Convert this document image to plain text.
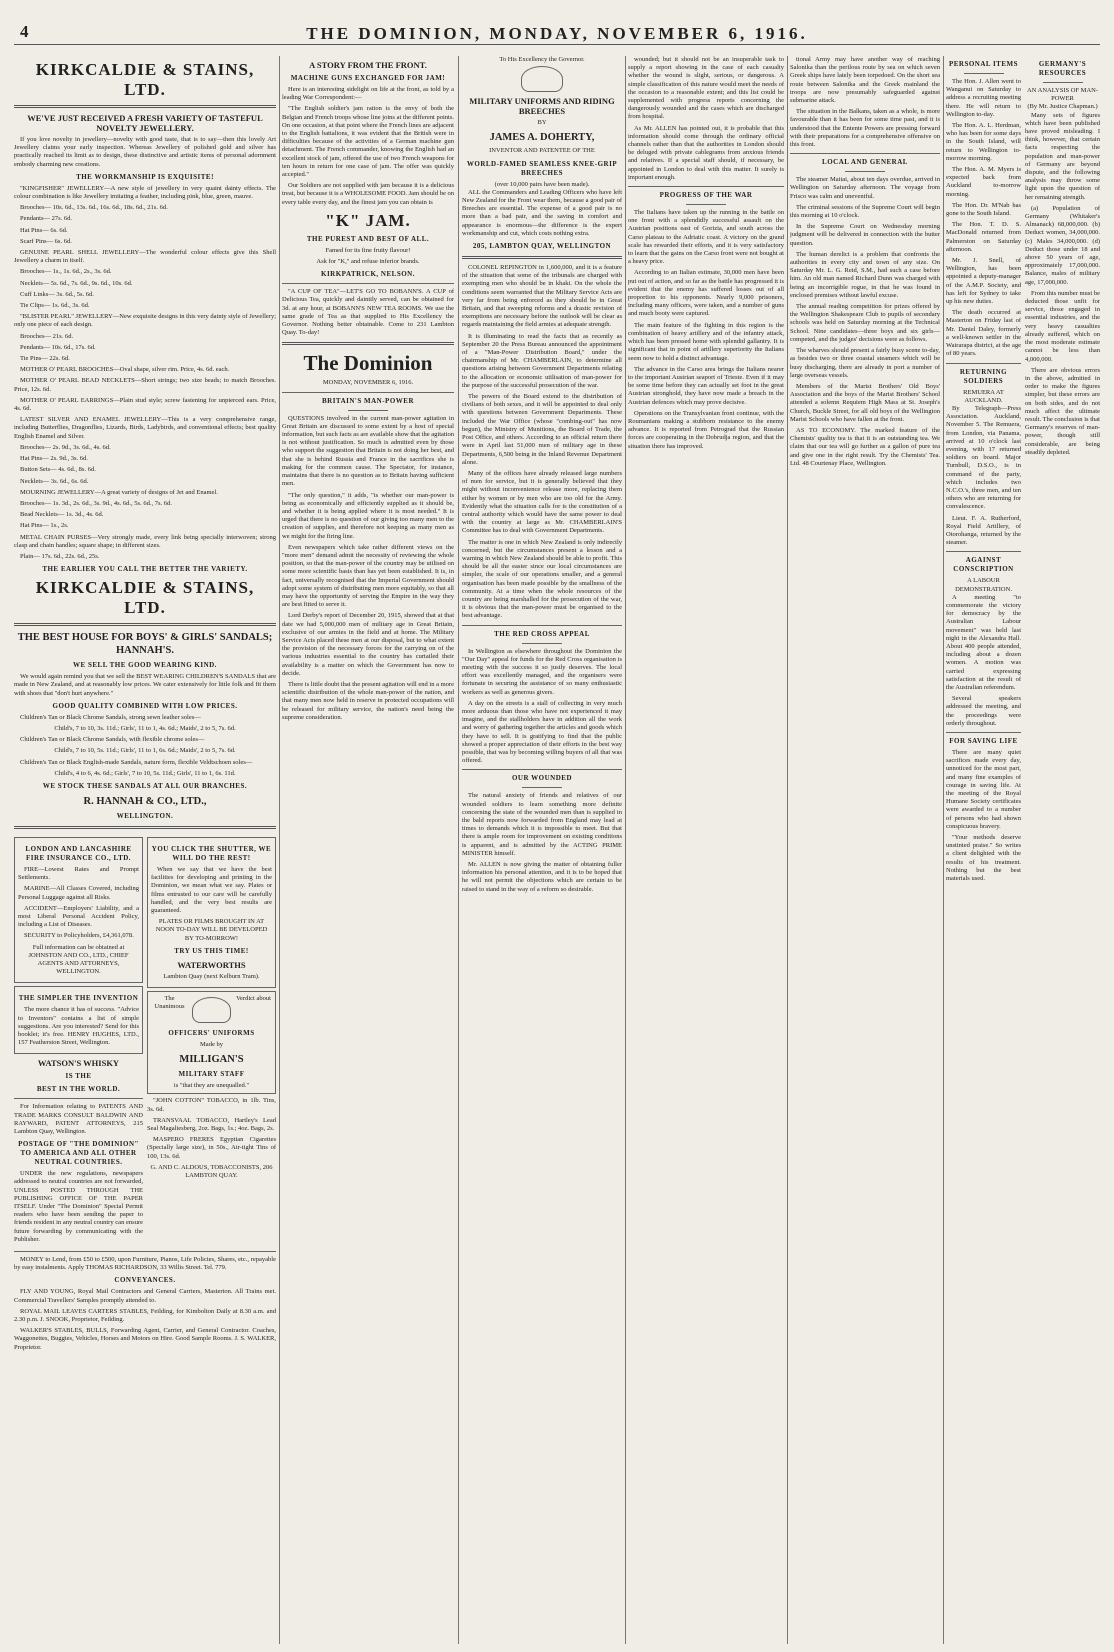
4	THE DOMINION, MONDAY, NOVEMBER 6, 1916.
KIRKCALDIE & STAINS, LTD.
WE'VE JUST RECEIVED A FRESH VARIETY OF TASTEFUL NOVELTY JEWELLERY.

If you love novelty in jewellery—novelty with good taste, that is to say—then this lovely Art Jewellery claims your early inspection. Whereas Jewellery of polished gold and silver has practically reached its limit as to design, these distinctive and artistic items of personal adornment embody charming new creations.

THE WORKMANSHIP IS EXQUISITE!

"KINGFISHER" JEWELLERY—A new style of jewellery in very quaint dainty effects. The colour combination is like Jewellery imitating a feather, including pink, blue, green, mauve.

Brooches— 10s. 6d., 13s. 6d., 16s. 6d., 18s. 6d., 21s. 6d.

Pendants— 27s. 6d.

Hat Pins— 6s. 6d.

Scarf Pins— 6s. 6d.

GENUINE PEARL SHELL JEWELLERY—The wonderful colour effects give this Shell Jewellery a charm in itself.

Brooches— 1s., 1s. 6d., 2s., 3s. 6d.

Necklets— 5s. 6d., 7s. 6d., 9s. 6d., 10s. 6d.

Cuff Links— 3s. 6d., 5s. 6d.

Tie Clips— 1s. 6d., 3s. 6d.

"BLISTER PEARL" JEWELLERY—New exquisite designs in this very dainty style of Jewellery; only one piece of each design.

Brooches— 21s. 6d.

Pendants— 10s. 6d., 17s. 6d.

Tie Pins— 22s. 6d.

MOTHER O' PEARL BROOCHES—Oval shape, silver rim. Price, 4s. 6d. each.

MOTHER O' PEARL BEAD NECKLETS—Short strings; two size beads; to match Brooches. Price, 12s. 6d.

MOTHER O' PEARL EARRINGS—Plain stud style; screw fastening for unpierced ears. Price, 4s. 6d.

LATEST SILVER AND ENAMEL JEWELLERY—This is a very comprehensive range, including Butterflies, Dragonflies, Lizards, Birds, Ladybirds, and conventional effects; best quality English Enamel and Silver.

Brooches— 2s. 9d., 3s. 6d., 4s. 6d.

Hat Pins— 2s. 9d., 3s. 6d.

Button Sets— 4s. 6d., 8s. 6d.

Necklets— 3s. 6d., 6s. 6d.

MOURNING JEWELLERY—A great variety of designs of Jet and Enamel.

Brooches— 1s. 3d., 2s. 6d., 3s. 9d., 4s. 6d., 5s. 6d., 7s. 6d.

Bead Necklets— 1s. 3d., 4s. 6d.

Hat Pins— 1s., 2s.

METAL CHAIN PURSES—Very strongly made, every link being specially interwoven; strong clasp and chain handles; square shape; in different sizes.

Plain— 17s. 6d., 22s. 6d., 25s.

THE EARLIER YOU CALL THE BETTER THE VARIETY.
KIRKCALDIE & STAINS, LTD.
THE BEST HOUSE FOR BOYS' & GIRLS' SANDALS; HANNAH'S.
WE SELL THE GOOD WEARING KIND.

We would again remind you that we sell the BEST WEARING CHILDREN'S SANDALS that are made in New Zealand, and at reasonably low prices. We cater extensively for little folk and fit them with shoes that "don't hurt anywhere."

GOOD QUALITY COMBINED WITH LOW PRICES.

Children's Tan or Black Chrome Sandals, strong sewn leather soles—

Child's, 7 to 10, 3s. 11d.; Girls', 11 to 1, 4s. 6d.; Maids', 2 to 5, 7s. 6d.

Children's Tan or Black Chrome Sandals, with flexible chrome soles—

Child's, 7 to 10, 5s. 11d.; Girls', 11 to 1, 6s. 6d.; Maids', 2 to 5, 7s. 6d.

Children's Tan or Black English-made Sandals, nature form, flexible Veldtschoen soles—

Child's, 4 to 6, 4s. 6d.; Girls', 7 to 10, 5s. 11d.; Girls', 11 to 1, 6s. 11d.

WE STOCK THESE SANDALS AT ALL OUR BRANCHES.
R. HANNAH & CO., LTD.,
WELLINGTON.
LONDON AND LANCASHIRE FIRE INSURANCE CO., LTD.

FIRE—Lowest Rates and Prompt Settlements.

MARINE—All Classes Covered, including Personal Luggage against all Risks.

ACCIDENT—Employers' Liability, and a most Liberal Personal Accident Policy, including a List of Diseases.

SECURITY to Policyholders, £4,361,078.

Full information can be obtained at JOHNSTON AND CO., LTD., CHIEF AGENTS AND ATTORNEYS, WELLINGTON.

THE SIMPLER THE INVENTION

The more chance it has of success. "Advice to Inventors" contains a list of simple suggestions. Are you interested? Send for this booklet; it's free. HENRY HUGHES, LTD., 157 Featherston Street, Wellington.

WATSON'S WHISKY
IS THE
BEST IN THE WORLD.

For Information relating to PATENTS AND TRADE MARKS CONSULT BALDWIN AND RAYWARD, PATENT ATTORNEYS, 215 Lambton Quay, Wellington.

POSTAGE OF "THE DOMINION" TO AMERICA AND ALL OTHER NEUTRAL COUNTRIES.

UNDER the new regulations, newspapers addressed to neutral countries are not forwarded, UNLESS POSTED THROUGH THE PUBLISHING OFFICE OF THE PAPER ITSELF. Under "The Dominion" Special Permit readers who have been sending the paper to friends resident in any neutral country can ensure future forwarding by communicating with the Publisher.

YOU CLICK THE SHUTTER, WE WILL DO THE REST!

When we say that we have the best facilities for developing and printing in the Dominion, we mean what we say. Plates or films entrusted to our care will be carefully handled, and the very best results are guaranteed.

PLATES OR FILMS BROUGHT IN AT NOON TO-DAY WILL BE DEVELOPED BY TO-MORROW!

TRY US THIS TIME!
WATERWORTHS

Lambton Quay (next Kelburn Tram).

The Unanimous
Verdict about
OFFICERS' UNIFORMS
Made by
MILLIGAN'S
MILITARY STAFF
is "that they are unequalled."

"JOHN COTTON" TOBACCO, in 1lb. Tins, 3s. 6d.

TRANSVAAL TOBACCO, Hartley's Lead Seal Magaliesberg, 2oz. Bags, 1s.; 4oz. Bags, 2s.

MASPERO FRERES Egyptian Cigarettes (Specially large size), in 50s., Air-tight Tins of 100, 13s. 6d.

G. AND C. ALDOUS, TOBACCONISTS, 206 LAMBTON QUAY.

MONEY to Lend, from £50 to £500, upon Furniture, Pianos, Life Policies, Shares, etc., repayable by easy instalments. Apply THOMAS RICHARDSON, 33 Willis Street. Tel. 779.

CONVEYANCES.

FLY AND YOUNG, Royal Mail Contractors and General Carriers, Masterton. All Trains met. Commercial Travellers' Samples promptly attended to.

ROYAL MAIL LEAVES CARTERS STABLES, Feilding, for Kimbolton Daily at 8.30 a.m. and 2.30 p.m. J. SNOOK, Proprietor, Feilding.

WALKER'S STABLES, BULLS, Forwarding Agent, Carrier, and General Contractor. Coaches, Waggonettes, Buggies, Vehicles, Horses and Motors on Hire. Good Sample Rooms. J. S. WALKER, Proprietor.

A STORY FROM THE FRONT.
MACHINE GUNS EXCHANGED FOR JAM!

Here is an interesting sidelight on life at the front, as told by a leading War Correspondent:—

"The English soldier's jam ration is the envy of both the Belgian and French troops whose line joins at the different points. On one occasion, at that point where the French lines are adjacent to the English battalions, it was evident that the British were in difficulties because of the activities of a German machine gun detachment. The French commander, knowing the English had an excellent stock of jam, offered the use of two French weapons for ten hours in return for one case of jam. The offer was quickly accepted."

Our Soldiers are not supplied with jam because it is a delicious treat, but because it is a WHOLESOME FOOD. Jam should be on every table every day, and the finest jam you can obtain is

"K" JAM.
THE PUREST AND BEST OF ALL.

Famed for its fine fruity flavour!

Ask for "K," and refuse inferior brands.

KIRKPATRICK, NELSON.

"A CUP OF TEA"—LET'S GO TO BOBANN'S. A CUP of Delicious Tea, quickly and daintily served, can be obtained for 3d. at any hour, at BOBANN'S NEW TEA ROOMS. We use the same grade of Tea as that supplied to His Excellency the Governor. Nothing better obtainable. Come to 231 Lambton Quay. To-day!

The Dominion
MONDAY, NOVEMBER 6, 1916.
BRITAIN'S MAN-POWER

QUESTIONS involved in the current man-power agitation in Great Britain are discussed to some extent by a host of special information, but such facts as are available show that the agitation is not without justification. So much is admitted even by those who support the suggestion that Britain is not doing her best, and that she is behind Russia and France in the sacrifices she is making for the common cause. The Spectator, for instance, maintains that there is no question as to Britain having sufficient men.

"The only question," it adds, "is whether our man-power is being as economically and efficiently supplied as it should be, and whether it is being applied where it is most needed." It is urged that there is no question of our giving too many men to the creation of supplies, and therefore not keeping as many men as we might for the firing line.

Even newspapers which take rather different views on the "more men" demand admit the necessity of reviewing the whole position, so that the man-power of the country may be utilised on some more scientific basis than has yet been established. It is, in fact, universally recognised that the Imperial Government should adopt some system of distributing men more equitably, so that all may have the opportunity of serving the Empire in the way they are best fitted to serve it.

Lord Derby's report of December 20, 1915, showed that at that date we had 5,000,000 men of military age in Great Britain, exclusive of our armies in the field and at home. The Military Service Acts placed these men at our disposal, but to what extent the provision of the necessary forces for the carrying on of the various industries essential to the country has curtailed their availability is a matter on which the Government has now to decide.

There is little doubt that the present agitation will end in a more scientific distribution of the whole man-power of the nation, and that many men now held in reserve in protected occupations will be released for military service, the nation's need being the supreme consideration.

To His Excellency the Governor.
MILITARY UNIFORMS AND RIDING BREECHES
BY
JAMES A. DOHERTY,
INVENTOR AND PATENTEE OF THE
WORLD-FAMED SEAMLESS KNEE-GRIP BREECHES
(over 10,000 pairs have been made).

ALL the Commanders and Leading Officers who have left New Zealand for the Front wear them, because a good pair of Breeches are essential. The expense of a good pair is no more than a bad pair, and the saving in comfort and appearance is enormous—the difference is the expert workmanship and cut, which costs nothing extra.

205, LAMBTON QUAY, WELLINGTON

COLONEL REPINGTON in 1,600,000, and it is a feature of the situation that some of the tribunals are charged with exempting men who should be in khaki. On the whole the conditions seem warranted that the Military Service Acts are very far from being enforced as they should be in Great Britain, and that sweeping reforms and a drastic revision of exemptions are necessary before the outlook will be clear as regards maintaining the field armies at adequate strength.

It is illuminating to read the facts that as recently as September 20 the Press Bureau announced the appointment of a "Man-Power Distribution Board," under the chairmanship of Mr. CHAMBERLAIN, to determine all questions arising between Government Departments relating to the allocation or economic utilisation of man-power for the purpose of the successful prosecution of the war.

The powers of the Board extend to the distribution of civilians of both sexes, and it will be appointed to deal only with questions between Government Departments. These included the War Office (whose "combing-out" has now begun), the Ministry of Munitions, the Board of Trade, the Post Office, and others. According to an official return there were in April last 51,000 men of military age in these Departments, 6,500 being in the Inland Revenue Department alone.

Many of the offices have already released large numbers of men for service, but it is generally believed that they might without inconvenience release more, replacing them either by women or by men who are too old for the Army. Evidently what the situation calls for is the constitution of a central authority which would have the same power to deal with the country at large as Mr. CHAMBERLAIN'S Committee has to deal with Government Departments.

The matter is one in which New Zealand is only indirectly concerned, but the circumstances present a lesson and a warning in which New Zealand should be able to profit. This should be all the easier since our local circumstances are simpler, the scale of our operations smaller, and a general organisation has been made possible by the smallness of the community. At a time when the whole resources of the country are being marshalled for the prosecution of the war, it is obvious that the man-power must be organised to the best advantage.

THE RED CROSS APPEAL

In Wellington as elsewhere throughout the Dominion the "Our Day" appeal for funds for the Red Cross organisation is meeting with the success it so justly deserves. The local effort was excellently managed, and the organisers were fortunate in securing the assistance of so many enthusiastic workers as well as generous givers.

A day on the streets is a stall of collecting in very much more arduous than those who have not experienced it may imagine, and the stallholders have in addition all the work and worry of gathering together the articles and goods which they have to sell. It is gratifying to find that the public showed a proper appreciation of their efforts in the best way possible, that was by becoming willing buyers of all that was offered.

OUR WOUNDED

The natural anxiety of friends and relatives of our wounded soldiers to learn something more definite concerning the state of the wounded men than is supplied in the bald reports now forwarded from England may lead at times to demands which it is impossible to meet. But that there is ample room for improvement on existing conditions is apparent, and is admitted by the ACTING PRIME MINISTER himself.

Mr. ALLEN is now giving the matter of obtaining fuller information his personal attention, and it is to be hoped that he will not permit the objections which are certain to be raised to stand in the way of a reform so desirable.

wounded; but it should not be an insuperable task to supply a report showing in the case of each casualty whether the wound is slight, serious, or dangerous. A simple classification of this nature would meet the needs of the occasion to a reasonable extent; and this list could be supplemented with progress reports concerning the dangerously wounded and the cases which are discharged from hospital.

As Mr. ALLEN has pointed out, it is probable that this information should come through the ordinary official channels rather than that the authorities in London should be deluged with private cablegrams from anxious friends and relatives. If a special staff should, if necessary, be appointed in London to deal with this matter. It surely is important enough.

PROGRESS OF THE WAR

The Italians have taken up the running in the battle on one front with a splendidly successful assault on the Austrian positions east of Gorizia, and south across the Carso plateau to the Adriatic coast. A victory on the grand scale has rewarded their efforts, and it is very satisfactory to learn that the gains on the Carso front were not bought at a heavy price.

According to an Italian estimate, 30,000 men have been put out of action, and so far as the battle has progressed it is evident that the enemy has suffered losses out of all proportion to his opponents. Nearly 9,000 prisoners, including many officers, were taken, and a number of guns and much booty were captured.

The main feature of the fighting in this region is the combination of heavy artillery and of the infantry attack, which has been pressed home with splendid gallantry. It is significant that in point of artillery superiority the Italians seem now to hold a distinct advantage.

The advance in the Carso area brings the Italians nearer to the important Austrian seaport of Trieste. Even if it may be some time before they can actually set foot in the great Austrian stronghold, they have now made a breach in the Austrian defences which may prove decisive.

Operations on the Transylvanian front continue, with the Roumanians making a stubborn resistance to the enemy advance. It is reported from Petrograd that the Russian forces are cooperating in the Dobrudja region, and that the situation there has improved.

tional Army may have another way of reaching Salonika than the perilous route by sea on which seven Greek ships have lately been torpedoed. On the short sea route between Salonika and the Greek mainland the troops are now presumably safeguarded against submarine attack.

The situation in the Balkans, taken as a whole, is more favourable than it has been for some time past, and it is understood that the Entente Powers are pressing forward with their preparations for a comprehensive offensive on this front.

LOCAL AND GENERAL

The steamer Maitai, about ten days overdue, arrived in Wellington on Saturday afternoon. The voyage from Frisco was calm and uneventful.

The criminal sessions of the Supreme Court will begin this morning at 10 o'clock.

In the Supreme Court on Wednesday morning judgment will be delivered in connection with the butter question.

The human derelict is a problem that confronts the authorities in every city and town of any size. On Saturday Mr. L. G. Reid, S.M., had such a case before him. An old man named Richard Dunn was charged with being an incorrigible rogue, in that he was found in enclosed premises without lawful excuse.

The annual reading competition for prizes offered by the Wellington Shakespeare Club to pupils of secondary schools was held on Saturday morning at the Technical School. Nine candidates—three boys and six girls—competed, and the judges' decisions were as follows.

The wharves should present a fairly busy scene to-day, as besides two or three coastal steamers which will be busy discharging, there are already in port a number of large overseas vessels.

Members of the Marist Brothers' Old Boys' Association and the boys of the Marist Brothers' School attended a solemn Requiem High Mass at St. Joseph's Church, Buckle Street, for all old boys of the Wellington Marist Schools who have fallen at the front.

AS TO ECONOMY. The marked feature of the Chemists' quality tea is that it is an outstanding tea. We claim that our tea will go further as a gallon of pure tea and give one in the right result. Try the Chemists' Tea. Ltd. 48 Courtenay Place, Wellington.

PERSONAL ITEMS

The Hon. J. Allen went to Wanganui on Saturday to address a recruiting meeting there. He will return to Wellington to-day.

The Hon. A. L. Herdman, who has been for some days in the South Island, will return to Wellington to-morrow morning.

The Hon. A. M. Myers is expected back from Auckland to-morrow morning.

The Hon. Dr. M'Nab has gone to the South Island.

The Hon. T. D. S. MacDonald returned from Palmerston on Saturday afternoon.

Mr. J. Snell, of Wellington, has been appointed a deputy-manager of the A.M.P. Society, and has left for Sydney to take up his new duties.

The death occurred at Masterton on Friday last of Mr. Daniel Daley, formerly a well-known settler in the Wairarapa district, at the age of 80 years.

RETURNING SOLDIERS
REMUERA AT AUCKLAND.

By Telegraph—Press Association. Auckland, November 5. The Remuera, from London, via Panama, arrived at 10 o'clock last evening, with 17 returned soldiers on board. Major Turnbull, D.S.O., is in command of the party, which includes two N.C.O.'s, three men, and ten others who are returning for convalescence.

Lieut. F. A. Rutherford, Royal Field Artillery, of Otorohanga, returned by the steamer.

AGAINST CONSCRIPTION
A LABOUR DEMONSTRATION.

A meeting "to commemorate the victory for democracy by the Australian Labour movement" was held last night in the Alexandra Hall. About 400 people attended, including about a dozen women. A motion was carried expressing satisfaction at the result of the Australian referendum.

Several speakers addressed the meeting, and the proceedings were orderly throughout.

FOR SAVING LIFE

There are many quiet sacrifices made every day, unnoticed for the most part, and many fine examples of courage in saving life. At the meeting of the Royal Humane Society certificates were awarded to a number of persons who had shown conspicuous bravery.

"Your methods deserve unstinted praise." So writes a client delighted with the results of his treatment. Nothing but the best materials used.

GERMANY'S RESOURCES
AN ANALYSIS OF MAN-POWER
(By Mr. Justice Chapman.)

Many sets of figures which have been published have proved misleading. I think, however, that certain facts respecting the population and man-power of Germany are beyond dispute, and the following analysis may throw some light upon the question of her remaining strength.

(a) Population of Germany (Whitaker's Almanack) 68,000,000. (b) Deduct women, 34,000,000. (c) Males 34,000,000. (d) Deduct those under 18 and above 50 years of age, approximately 17,000,000. Balance, males of military age, 17,000,000.

From this number must be deducted those unfit for service, those engaged in essential industries, and the very heavy casualties already suffered, which on the most moderate estimate cannot be less than 4,000,000.

There are obvious errors in the above, admitted in order to make the figures simpler, but these errors are on both sides, and do not much affect the ultimate result. The conclusion is that Germany's reserves of man-power, though still considerable, are being steadily depleted.
